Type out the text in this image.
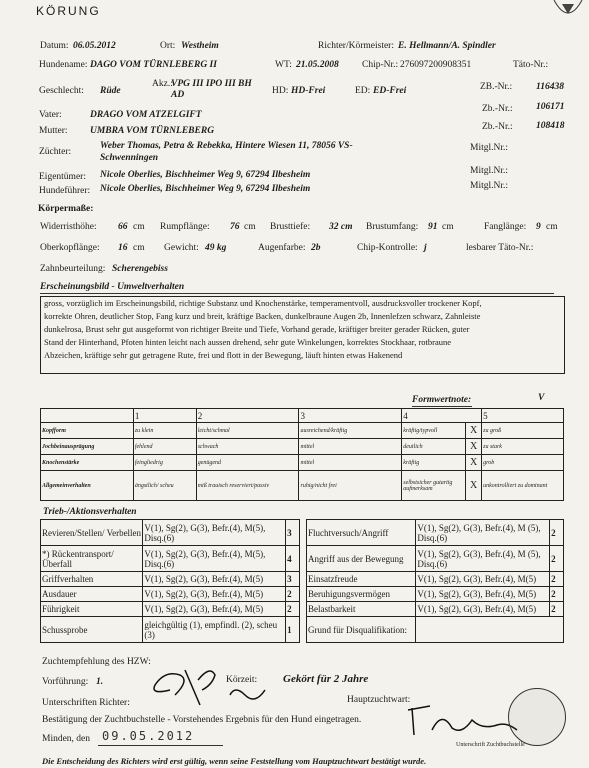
KÖRUNG
Datum: 06.05.2012	Ort: Westheim	Richter/Körmeister: E. Hellmann/A. Spindler
Hundename: DAGO VOM TÜRNLEBERG II	WT: 21.05.2008 Chip-Nr.: 276097200908351	Täto-Nr.:
Geschlecht: Rüde
Akz.:
VPG III IPO III BH AD	HD: HD-Frei	ED: ED-Frei	ZB.-Nr.:	116438
Vater:	DRAGO VOM ATZELGIFT
Zb.-Nr.: 106171
Mutter: UMBRA VOM TÜRNLEBERG	Zb.-Nr.: 108418
Züchter:
Weber Thomas, Petra & Rebekka, Hintere Wiesen 11, 78056 VS-
Schwenningen
Mitgl.Nr.:
Eigentümer: Nicole Oberlies, Bischheimer Weg 9, 67294 Ilbesheim	Mitgl.Nr.:
Hundeführer: Nicole Oberlies, Bischheimer Weg 9, 67294 Ilbesheim	Mitgl.Nr.:
Körpermaße:
Widerristhöhe: 66 cm Rumpflänge: 76 cm Brusttiefe: 32 cm Brustumfang: 91 cm	Fanglänge: 9 cm
Oberkopflänge: 16 cm Gewicht: 49 kg	Augenfarbe: 2b	Chip-Kontrolle: j	lesbarer Täto-Nr.:
Zahnbeurteilung: Scherengebiss
Erscheinungsbild - Umweltverhalten
gross, vorzüglich im Erscheinungsbild, richtige Substanz und Knochenstärke, temperamentvoll, ausdrucksvoller trockener Kopf,
korrekte Ohren, deutlicher Stop, Fang kurz und breit, kräftige Backen, dunkelbraune Augen 2b, Innenlefzen schwarz, Zahnleiste
dunkelrosa, Brust sehr gut ausgeformt von richtiger Breite und Tiefe, Vorhand gerade, kräftiger breiter gerader Rücken, guter
Stand der Hinterhand, Pfoten hinten leicht nach aussen drehend, sehr gute Winkelungen, korrektes Stockhaar, rotbraune
Abzeichen, kräftige sehr gut getragene Rute, frei und flott in der Bewegung, läuft hinten etwas Hakenend
Formwertnote:	V
	1	2	3	4		5
Kopfform	zu klein	leicht/schmal	ausreichend/kräftig	kräftig/typvoll	X	zu groß
Jochbeinausprägung	fehlend	schwach	mittel	deutlich	X	zu stark
Knochenstärke	feingliedrig	genügend	mittel	kräftig	X	grob
Allgemeinverhalten	ängstlich/ scheu	miß trauisch reserviert/passiv	ruhig/nicht frei	selbstsicher gutartig aufmerksam	X	unkontrolliert zu dominant
Trieb-/Aktionsverhalten
Revieren/Stellen/ Verbellen	V(1), Sg(2), G(3), Befr.(4), M(5), Disq.(6)	3
*) Rückentransport/ Überfall	V(1), Sg(2), G(3), Befr.(4), M(5), Disq.(6)	4
Griffverhalten	V(1), Sg(2), G(3), Befr.(4), M(5)	3
Ausdauer	V(1), Sg(2), G(3), Befr.(4), M(5)	2
Führigkeit	V(1), Sg(2), G(3), Befr.(4), M(5)	2
Schussprobe	gleichgültig (1), empfindl. (2), scheu (3)	1
Fluchtversuch/Angriff	V(1), Sg(2), G(3), Befr.(4), M (5), Disq.(6)	2
Angriff aus der Bewegung	V(1), Sg(2), G(3), Befr.(4), M (5), Disq.(6)	2
Einsatzfreude	V(1), Sg(2), G(3), Befr.(4), M(5)	2
Beruhigungsvermögen	V(1), Sg(2), G(3), Befr.(4), M(5)	2
Belastbarkeit	V(1), Sg(2), G(3), Befr.(4), M(5)	2
Grund für Disqualifikation:		
Zuchtempfehlung des HZW:
Vorführung: 1.	Körzeit: Gekört für 2 Jahre
Unterschriften Richter:	Hauptzuchtwart:
Bestätigung der Zuchtbuchstelle - Vorstehendes Ergebnis für den Hund eingetragen.
Minden, den 09.05.2012
Unterschrift Zuchtbuchstelle
Die Entscheidung des Richters wird erst gültig, wenn seine Feststellung vom Hauptzuchtwart bestätigt wurde.
